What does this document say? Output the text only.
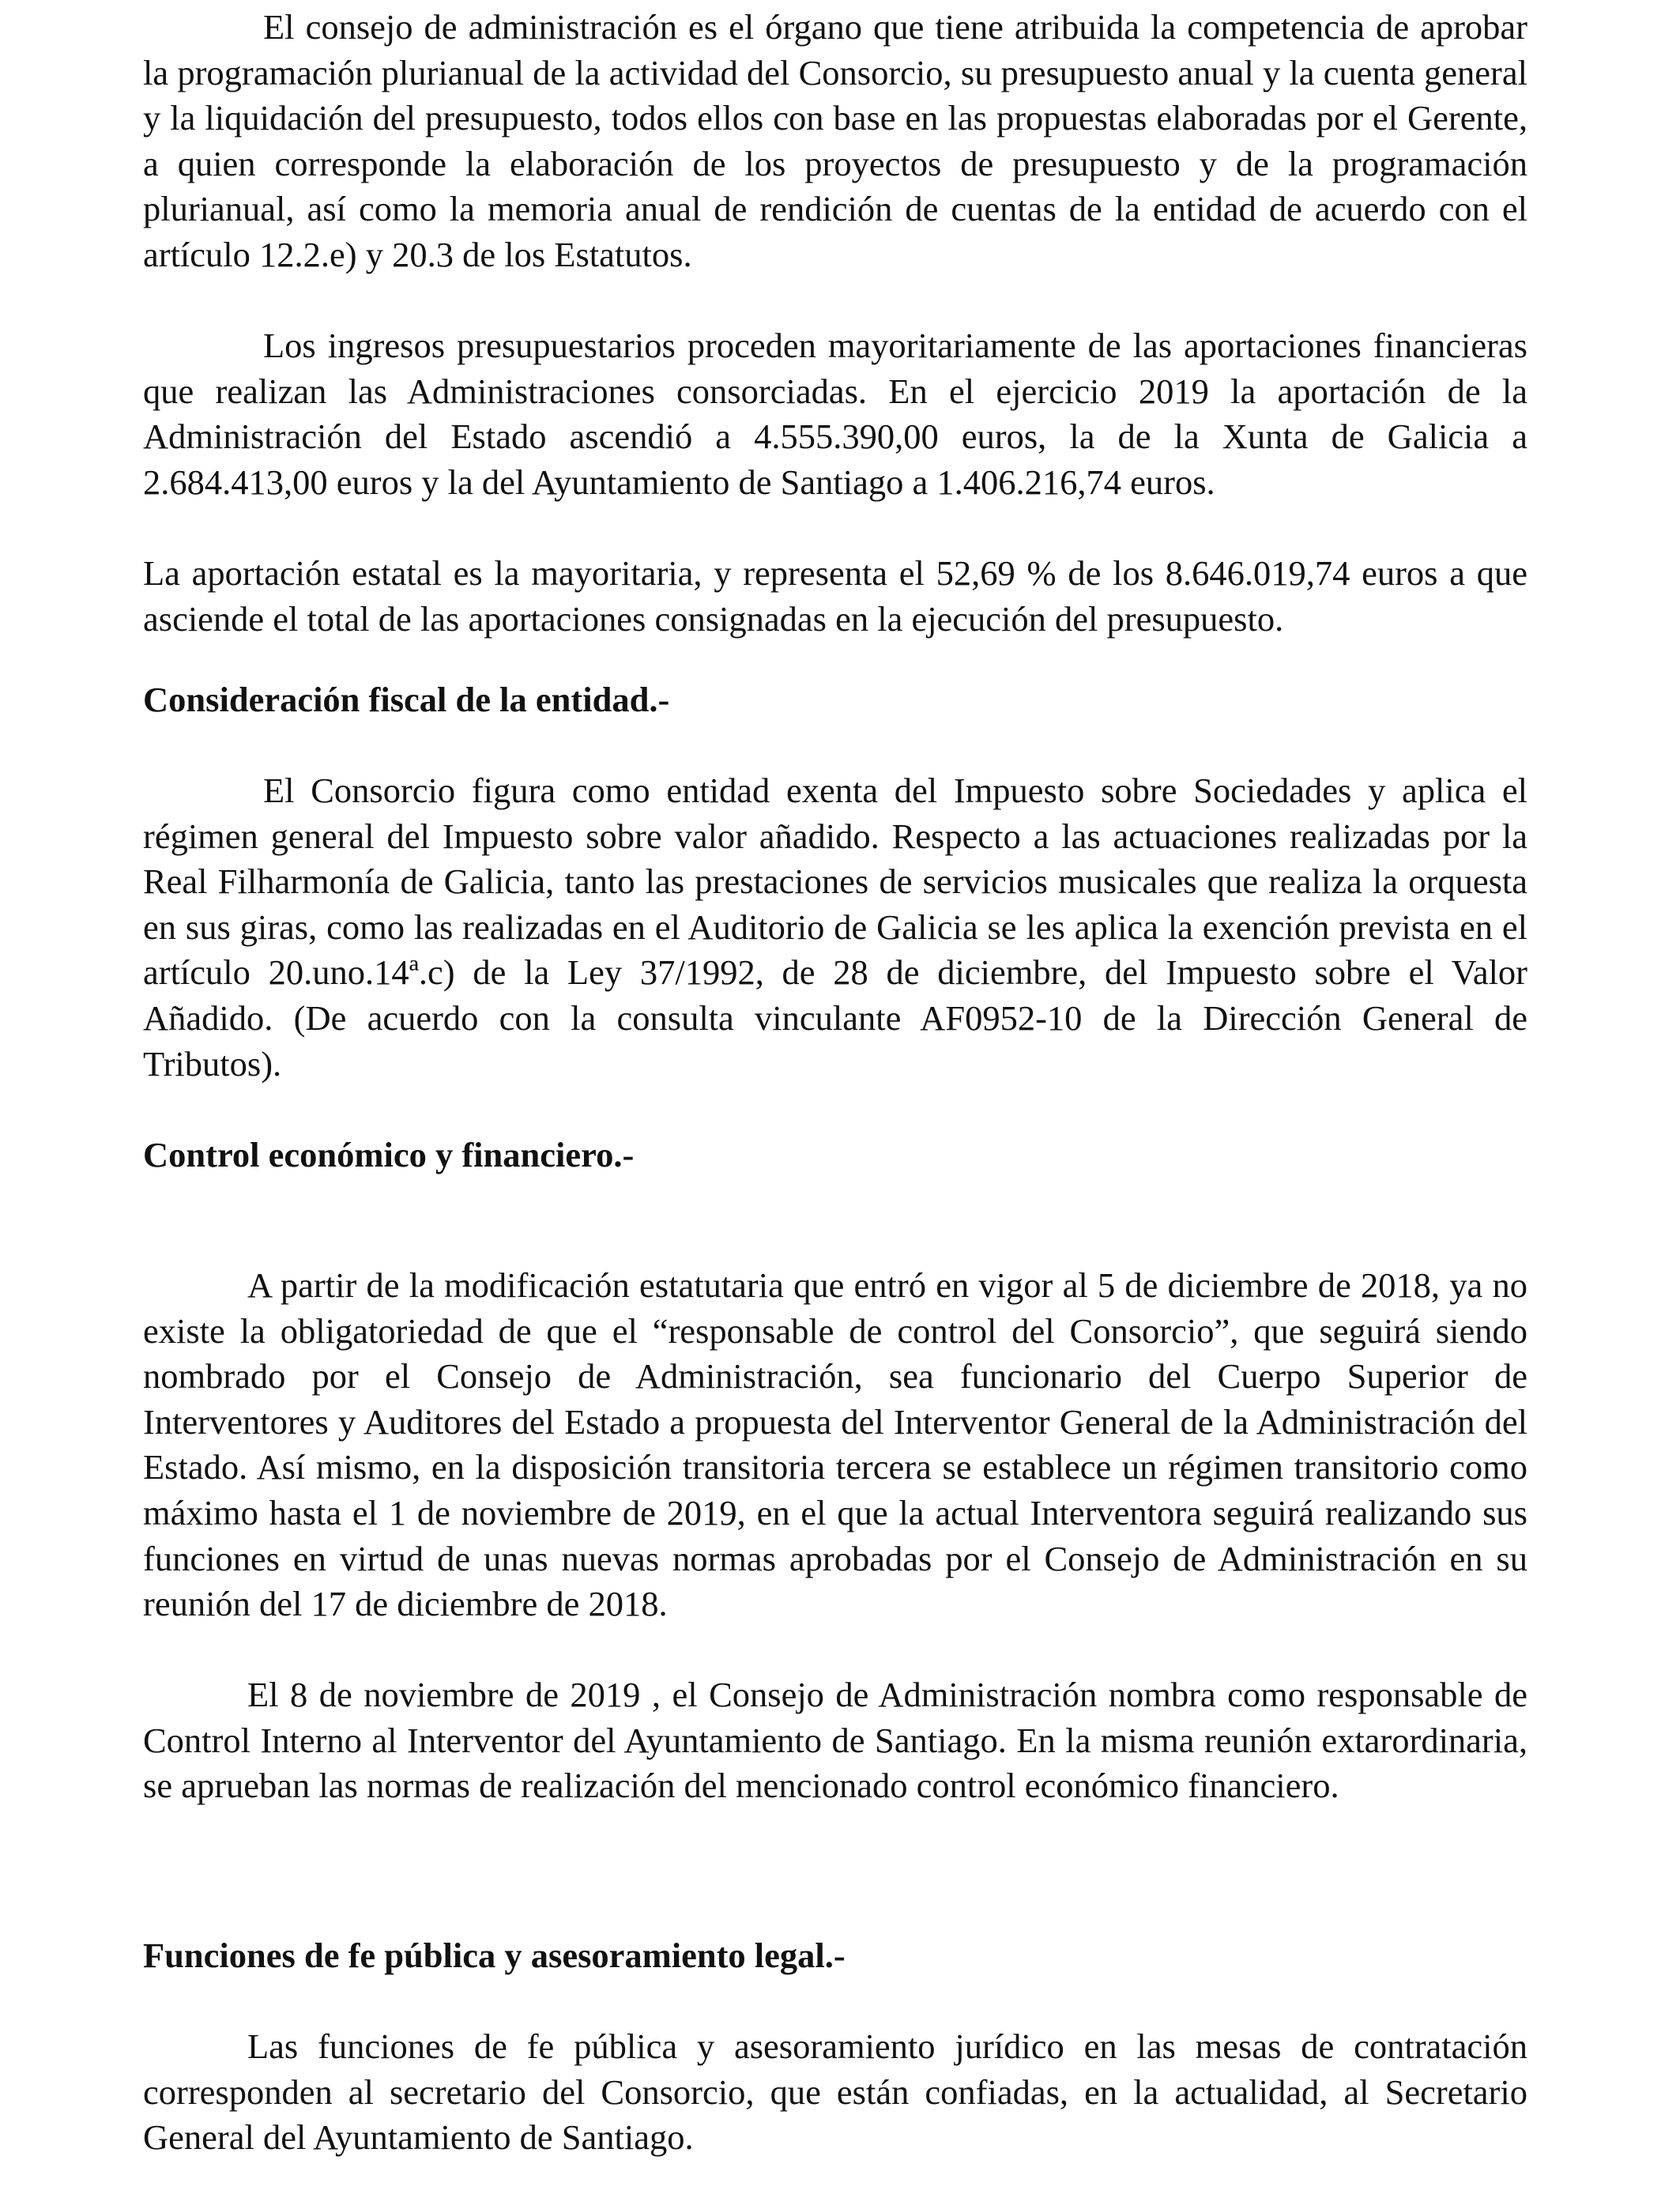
El consejo de administración es el órgano que tiene atribuida la competencia de aprobar la programación plurianual de la actividad del Consorcio, su presupuesto anual y la cuenta general y la liquidación del presupuesto, todos ellos con base en las propuestas elaboradas por el Gerente, a quien corresponde la elaboración de los proyectos de presupuesto y de la programación plurianual, así como la memoria anual de rendición de cuentas de la entidad de acuerdo con el artículo 12.2.e) y 20.3 de los Estatutos.

Los ingresos presupuestarios proceden mayoritariamente de las aportaciones financieras que realizan las Administraciones consorciadas. En el ejercicio 2019 la aportación de la Administración del Estado ascendió a 4.555.390,00 euros, la de la Xunta de Galicia a 2.684.413,00 euros y la del Ayuntamiento de Santiago a 1.406.216,74 euros.

La aportación estatal es la mayoritaria, y representa el 52,69 % de los 8.646.019,74 euros a que asciende el total de las aportaciones consignadas en la ejecución del presupuesto.

Consideración fiscal de la entidad.-

El Consorcio figura como entidad exenta del Impuesto sobre Sociedades y aplica el régimen general del Impuesto sobre valor añadido. Respecto a las actuaciones realizadas por la Real Filharmonía de Galicia, tanto las prestaciones de servicios musicales que realiza la orquesta en sus giras, como las realizadas en el Auditorio de Galicia se les aplica la exención prevista en el artículo 20.uno.14ª.c) de la Ley 37/1992, de 28 de diciembre, del Impuesto sobre el Valor Añadido. (De acuerdo con la consulta vinculante AF0952-10 de la Dirección General de Tributos).

Control económico y financiero.-

A partir de la modificación estatutaria que entró en vigor al 5 de diciembre de 2018, ya no existe la obligatoriedad de que el “responsable de control del Consorcio”, que seguirá siendo nombrado por el Consejo de Administración, sea funcionario del Cuerpo Superior de Interventores y Auditores del Estado a propuesta del Interventor General de la Administración del Estado. Así mismo, en la disposición transitoria tercera se establece un régimen transitorio como máximo hasta el 1 de noviembre de 2019, en el que la actual Interventora seguirá realizando sus funciones en virtud de unas nuevas normas aprobadas por el Consejo de Administración en su reunión del 17 de diciembre de 2018.

El 8 de noviembre de 2019 , el Consejo de Administración nombra como responsable de Control Interno al Interventor del Ayuntamiento de Santiago. En la misma reunión extarordinaria, se aprueban las normas de realización del mencionado control económico financiero.

Funciones de fe pública y asesoramiento legal.-

Las funciones de fe pública y asesoramiento jurídico en las mesas de contratación corresponden al secretario del Consorcio, que están confiadas, en la actualidad, al Secretario General del Ayuntamiento de Santiago.
